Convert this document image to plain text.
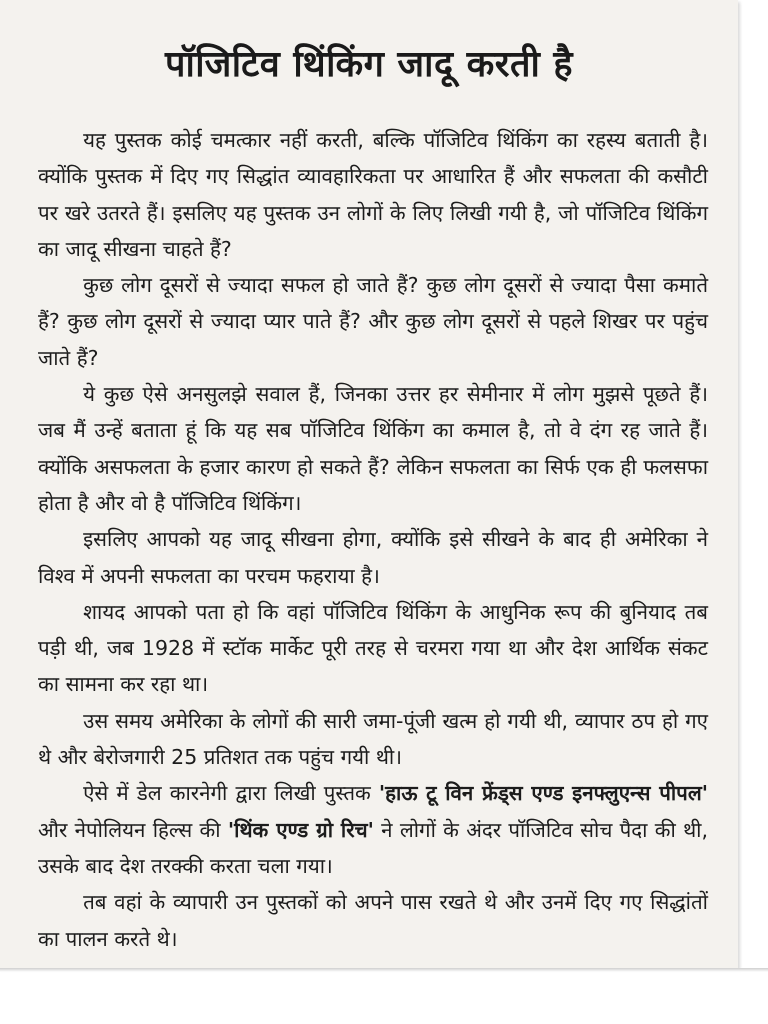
पॉजिटिव थिंकिंग जादू करती है

यह पुस्तक कोई चमत्कार नहीं करती, बल्कि पॉजिटिव थिंकिंग का रहस्य बताती है। क्योंकि पुस्तक में दिए गए सिद्धांत व्यावहारिकता पर आधारित हैं और सफलता की कसौटी पर खरे उतरते हैं। इसलिए यह पुस्तक उन लोगों के लिए लिखी गयी है, जो पॉजिटिव थिंकिंग का जादू सीखना चाहते हैं?

कुछ लोग दूसरों से ज्यादा सफल हो जाते हैं? कुछ लोग दूसरों से ज्यादा पैसा कमाते हैं? कुछ लोग दूसरों से ज्यादा प्यार पाते हैं? और कुछ लोग दूसरों से पहले शिखर पर पहुंच जाते हैं?

ये कुछ ऐसे अनसुलझे सवाल हैं, जिनका उत्तर हर सेमीनार में लोग मुझसे पूछते हैं। जब मैं उन्हें बताता हूं कि यह सब पॉजिटिव थिंकिंग का कमाल है, तो वे दंग रह जाते हैं। क्योंकि असफलता के हजार कारण हो सकते हैं? लेकिन सफलता का सिर्फ एक ही फलसफा होता है और वो है पॉजिटिव थिंकिंग।

इसलिए आपको यह जादू सीखना होगा, क्योंकि इसे सीखने के बाद ही अमेरिका ने विश्व में अपनी सफलता का परचम फहराया है।

शायद आपको पता हो कि वहां पॉजिटिव थिंकिंग के आधुनिक रूप की बुनियाद तब पड़ी थी, जब 1928 में स्टॉक मार्केट पूरी तरह से चरमरा गया था और देश आर्थिक संकट का सामना कर रहा था।

उस समय अमेरिका के लोगों की सारी जमा-पूंजी खत्म हो गयी थी, व्यापार ठप हो गए थे और बेरोजगारी 25 प्रतिशत तक पहुंच गयी थी।

ऐसे में डेल कारनेगी द्वारा लिखी पुस्तक 'हाऊ टू विन फ्रेंड्स एण्ड इनफ्लुएन्स पीपल' और नेपोलियन हिल्स की 'थिंक एण्ड ग्रो रिच' ने लोगों के अंदर पॉजिटिव सोच पैदा की थी, उसके बाद देश तरक्की करता चला गया।

तब वहां के व्यापारी उन पुस्तकों को अपने पास रखते थे और उनमें दिए गए सिद्धांतों का पालन करते थे।
